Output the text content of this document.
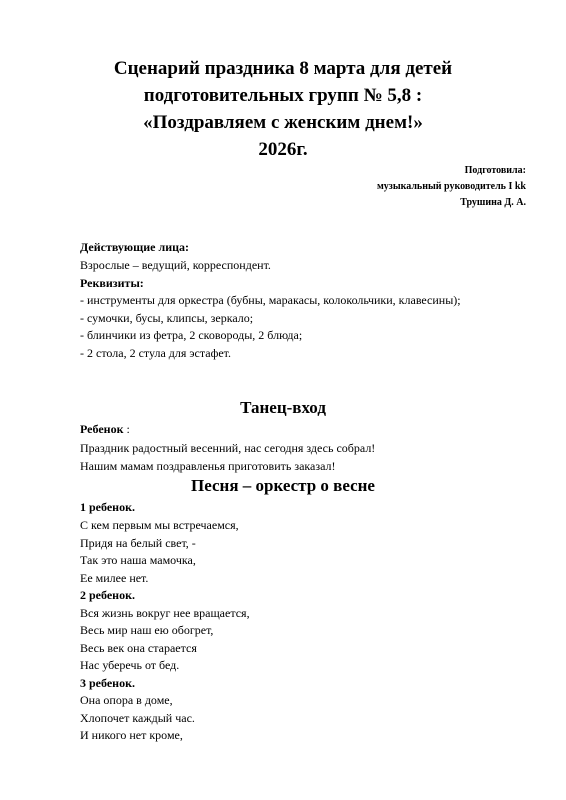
Сценарий праздника 8 марта для детей
подготовительных групп № 5,8 :
«Поздравляем с женским днем!»
2026г.
Подготовила:
музыкальный руководитель I kk
Трушина Д. А.
Действующие лица:
Взрослые – ведущий, корреспондент.
Реквизиты:
- инструменты для оркестра (бубны, маракасы, колокольчики, клавесины);
- сумочки, бусы, клипсы, зеркало;
- блинчики из фетра, 2 сковороды, 2 блюда;
- 2 стола, 2 стула для эстафет.
Танец-вход
Ребенок :
Праздник радостный весенний, нас сегодня здесь собрал!
Нашим мамам поздравленья приготовить заказал!
Песня – оркестр о весне
1 ребенок.
С кем первым мы встречаемся,
Придя на белый свет, -
Так это наша мамочка,
Ее милее нет.
2 ребенок.
Вся жизнь вокруг нее вращается,
Весь мир наш ею обогрет,
Весь век она старается
Нас уберечь от бед.
3 ребенок.
Она опора в доме,
Хлопочет каждый час.
И никого нет кроме,
